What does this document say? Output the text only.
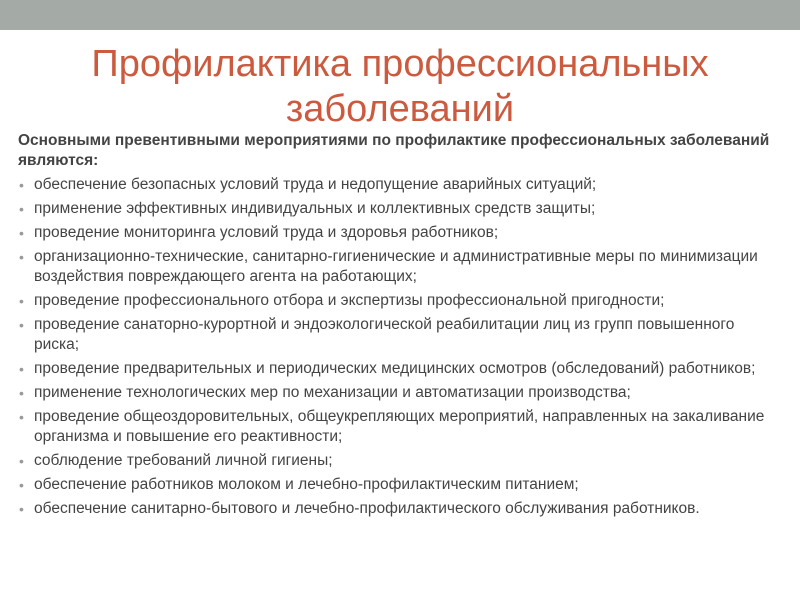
Профилактика профессиональных
заболеваний

Основными превентивными мероприятиями по профилактике профессиональных заболеваний являются:

• обеспечение безопасных условий труда и недопущение аварийных ситуаций;
• применение эффективных индивидуальных и коллективных средств защиты;
• проведение мониторинга условий труда и здоровья работников;
• организационно-технические, санитарно-гигиенические и административные меры по минимизации воздействия повреждающего агента на работающих;
• проведение профессионального отбора и экспертизы профессиональной пригодности;
• проведение санаторно-курортной и эндоэкологической реабилитации лиц из групп повышенного риска;
• проведение предварительных и периодических медицинских осмотров (обследований) работников;
• применение технологических мер по механизации и автоматизации производства;
• проведение общеоздоровительных, общеукрепляющих мероприятий, направленных на закаливание организма и повышение его реактивности;
• соблюдение требований личной гигиены;
• обеспечение работников молоком и лечебно-профилактическим питанием;
• обеспечение санитарно-бытового и лечебно-профилактического обслуживания работников.
